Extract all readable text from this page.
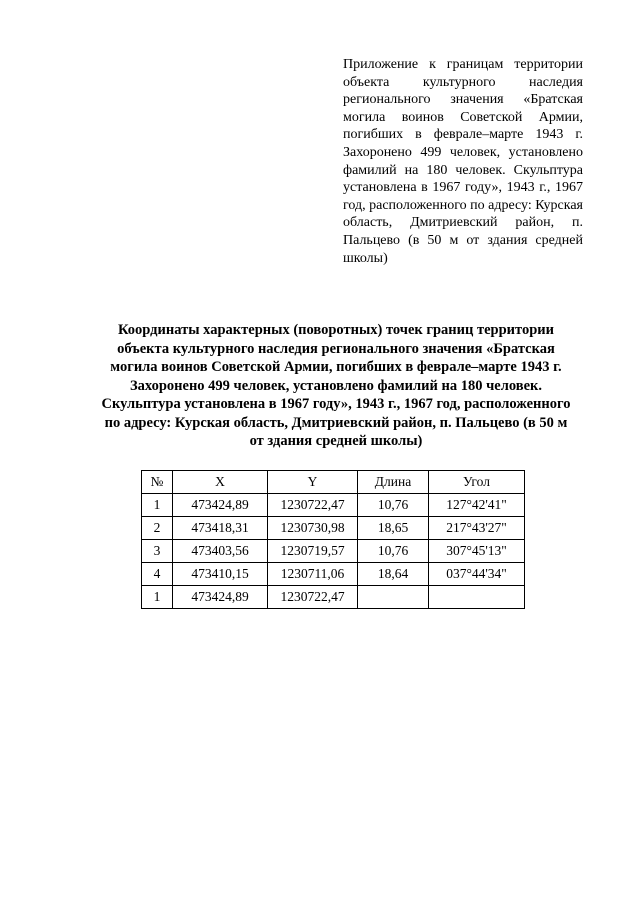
Приложение к границам территории объекта культурного наследия регионального значения «Братская могила воинов Советской Армии, погибших в феврале–марте 1943 г. Захоронено 499 человек, установлено фамилий на 180 человек. Скульптура установлена в 1967 году», 1943 г., 1967 год, расположенного по адресу: Курская область, Дмитриевский район, п. Пальцево (в 50 м от здания средней школы)

Координаты характерных (поворотных) точек границ территории объекта культурного наследия регионального значения «Братская могила воинов Советской Армии, погибших в феврале–марте 1943 г. Захоронено 499 человек, установлено фамилий на 180 человек. Скульптура установлена в 1967 году», 1943 г., 1967 год, расположенного по адресу: Курская область, Дмитриевский район, п. Пальцево (в 50 м от здания средней школы)
№	X	Y	Длина	Угол
1	473424,89	1230722,47	10,76	127°42'41"
2	473418,31	1230730,98	18,65	217°43'27"
3	473403,56	1230719,57	10,76	307°45'13"
4	473410,15	1230711,06	18,64	037°44'34"
1	473424,89	1230722,47		
